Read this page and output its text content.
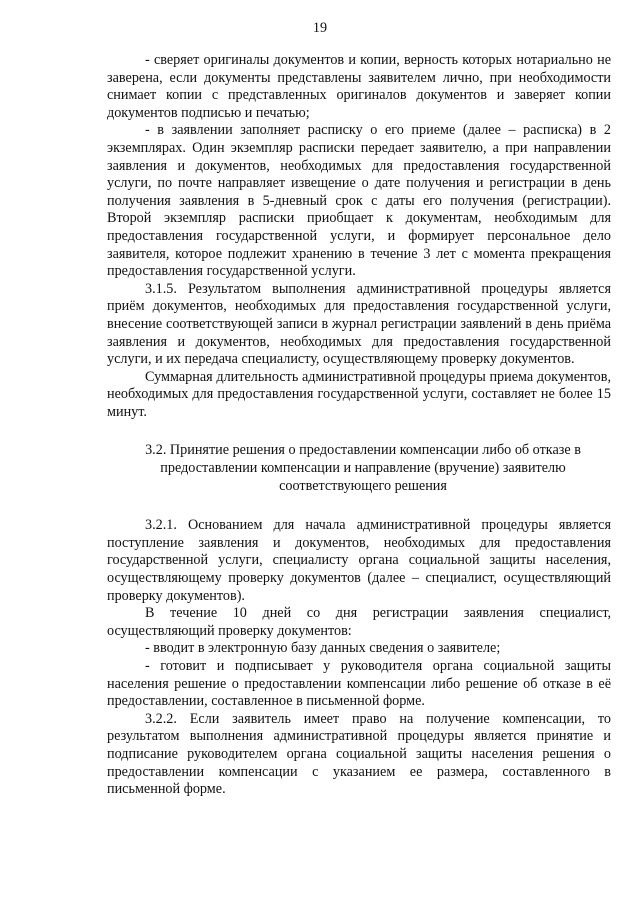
19

- сверяет оригиналы документов и копии, верность которых нотариально не заверена, если документы представлены заявителем лично, при необходимости снимает копии с представленных оригиналов документов и заверяет копии документов подписью и печатью;

- в заявлении заполняет расписку о его приеме (далее – расписка) в 2 экземплярах. Один экземпляр расписки передает заявителю, а при направлении заявления и документов, необходимых для предоставления государственной услуги, по почте направляет извещение о дате получения и регистрации в день получения заявления в 5-дневный срок с даты его получения (регистрации). Второй экземпляр расписки приобщает к документам, необходимым для предоставления государственной услуги, и формирует персональное дело заявителя, которое подлежит хранению в течение 3 лет с момента прекращения предоставления государственной услуги.

3.1.5. Результатом выполнения административной процедуры является приём документов, необходимых для предоставления государственной услуги, внесение соответствующей записи в журнал регистрации заявлений в день приёма заявления и документов, необходимых для предоставления государственной услуги, и их передача специалисту, осуществляющему проверку документов.

Суммарная длительность административной процедуры приема документов, необходимых для предоставления государственной услуги, составляет не более 15 минут.

3.2. Принятие решения о предоставлении компенсации либо об отказе в предоставлении компенсации и направление (вручение) заявителю соответствующего решения

3.2.1. Основанием для начала административной процедуры является поступление заявления и документов, необходимых для предоставления государственной услуги, специалисту органа социальной защиты населения, осуществляющему проверку документов (далее – специалист, осуществляющий проверку документов).

В течение 10 дней со дня регистрации заявления специалист, осуществляющий проверку документов:

- вводит в электронную базу данных сведения о заявителе;

- готовит и подписывает у руководителя органа социальной защиты населения решение о предоставлении компенсации либо решение об отказе в её предоставлении, составленное в письменной форме.

3.2.2. Если заявитель имеет право на получение компенсации, то результатом выполнения административной процедуры является принятие и подписание руководителем органа социальной защиты населения решения о предоставлении компенсации с указанием ее размера, составленного в письменной форме.
